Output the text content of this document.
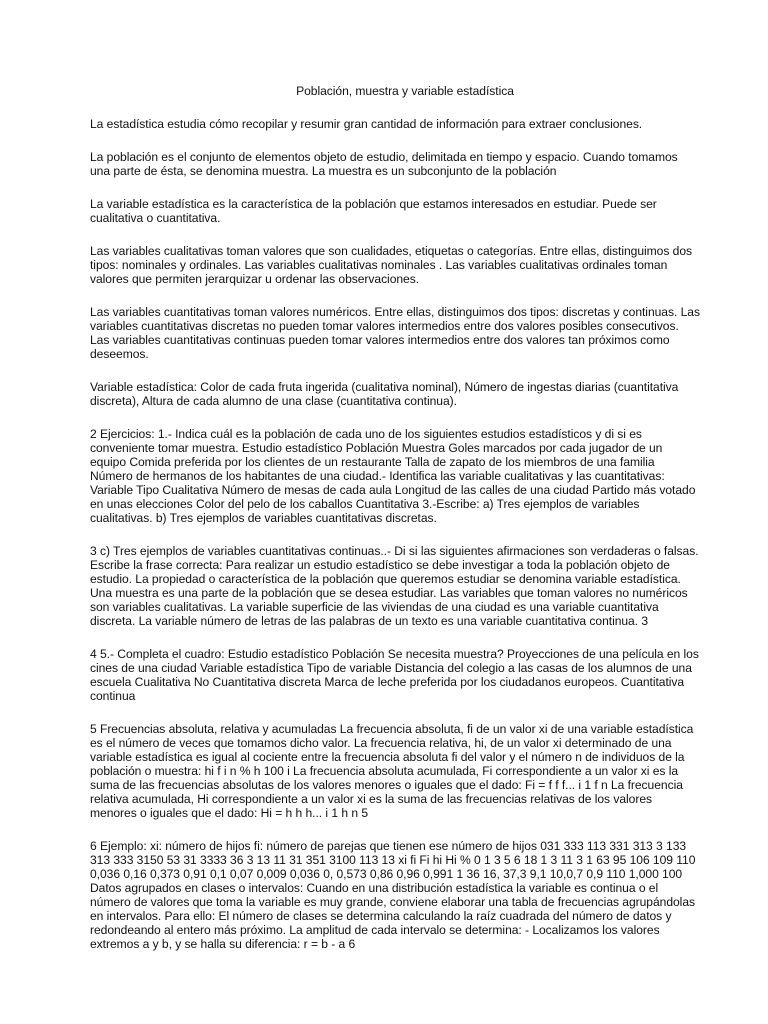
Población, muestra y variable estadística
La estadística estudia cómo recopilar y resumir gran cantidad de información para extraer conclusiones.
La población es el conjunto de elementos objeto de estudio, delimitada en tiempo y espacio. Cuando tomamos una parte de ésta, se denomina muestra. La muestra es un subconjunto de la población
La variable estadística es la característica de la población que estamos interesados en estudiar. Puede ser cualitativa o cuantitativa.
Las variables cualitativas toman valores que son cualidades, etiquetas o categorías. Entre ellas, distinguimos dos tipos: nominales y ordinales. Las variables cualitativas nominales . Las variables cualitativas ordinales toman valores que permiten jerarquizar u ordenar las observaciones.
Las variables cuantitativas toman valores numéricos. Entre ellas, distinguimos dos tipos: discretas y continuas. Las variables cuantitativas discretas no pueden tomar valores intermedios entre dos valores posibles consecutivos. Las variables cuantitativas continuas pueden tomar valores intermedios entre dos valores tan próximos como deseemos.
Variable estadística: Color de cada fruta ingerida (cualitativa nominal), Número de ingestas diarias (cuantitativa discreta), Altura de cada alumno de una clase (cuantitativa continua).
2 Ejercicios: 1.- Indica cuál es la población de cada uno de los siguientes estudios estadísticos y di si es conveniente tomar muestra. Estudio estadístico Población Muestra Goles marcados por cada jugador de un equipo Comida preferida por los clientes de un restaurante Talla de zapato de los miembros de una familia Número de hermanos de los habitantes de una ciudad.- Identifica las variable cualitativas y las cuantitativas: Variable Tipo Cualitativa Número de mesas de cada aula Longitud de las calles de una ciudad Partido más votado en unas elecciones Color del pelo de los caballos Cuantitativa 3.-Escribe: a) Tres ejemplos de variables cualitativas. b) Tres ejemplos de variables cuantitativas discretas.
3 c) Tres ejemplos de variables cuantitativas continuas..- Di si las siguientes afirmaciones son verdaderas o falsas. Escribe la frase correcta: Para realizar un estudio estadístico se debe investigar a toda la población objeto de estudio. La propiedad o característica de la población que queremos estudiar se denomina variable estadística. Una muestra es una parte de la población que se desea estudiar. Las variables que toman valores no numéricos son variables cualitativas. La variable superficie de las viviendas de una ciudad es una variable cuantitativa discreta. La variable número de letras de las palabras de un texto es una variable cuantitativa continua. 3
4 5.- Completa el cuadro: Estudio estadístico Población Se necesita muestra? Proyecciones de una película en los cines de una ciudad Variable estadística Tipo de variable Distancia del colegio a las casas de los alumnos de una escuela Cualitativa No Cuantitativa discreta Marca de leche preferida por los ciudadanos europeos. Cuantitativa continua
5 Frecuencias absoluta, relativa y acumuladas La frecuencia absoluta, fi de un valor xi de una variable estadística es el número de veces que tomamos dicho valor. La frecuencia relativa, hi, de un valor xi determinado de una variable estadística es igual al cociente entre la frecuencia absoluta fi del valor y el número n de individuos de la población o muestra: hi f i n % h 100 i La frecuencia absoluta acumulada, Fi correspondiente a un valor xi es la suma de las frecuencias absolutas de los valores menores o iguales que el dado: Fi = f f f... i 1 f n La frecuencia relativa acumulada, Hi correspondiente a un valor xi es la suma de las frecuencias relativas de los valores menores o iguales que el dado: Hi = h h h... i 1 h n 5
6 Ejemplo: xi: número de hijos fi: número de parejas que tienen ese número de hijos 031 333 113 331 313 3 133 313 333 3150 53 31 3333 36 3 13 11 31 351 3100 113 13 xi fi Fi hi Hi % 0 1 3 5 6 18 1 3 11 3 1 63 95 106 109 110 0,036 0,16 0,373 0,91 0,1 0,07 0,009 0,036 0, 0,573 0,86 0,96 0,991 1 36 16, 37,3 9,1 10,0,7 0,9 110 1,000 100 Datos agrupados en clases o intervalos: Cuando en una distribución estadística la variable es continua o el número de valores que toma la variable es muy grande, conviene elaborar una tabla de frecuencias agrupándolas en intervalos. Para ello: El número de clases se determina calculando la raíz cuadrada del número de datos y redondeando al entero más próximo. La amplitud de cada intervalo se determina: - Localizamos los valores extremos a y b, y se halla su diferencia: r = b - a 6
